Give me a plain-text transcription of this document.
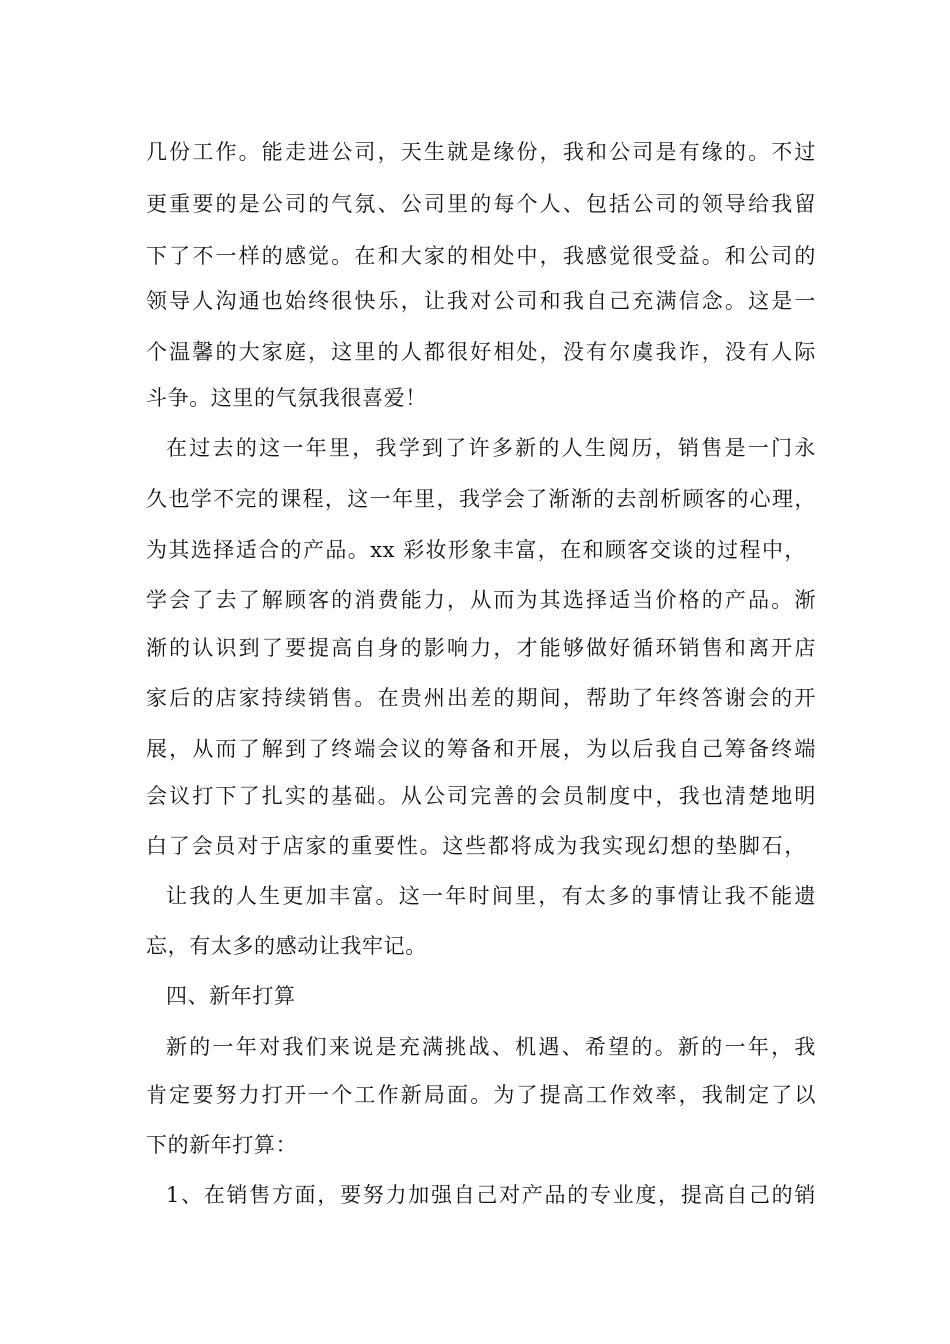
几份工作。能走进公司，天生就是缘份，我和公司是有缘的。不过
更重要的是公司的气氛、公司里的每个人、包括公司的领导给我留
下了不一样的感觉。在和大家的相处中，我感觉很受益。和公司的
领导人沟通也始终很快乐，让我对公司和我自己充满信念。这是一
个温馨的大家庭，这里的人都很好相处，没有尔虞我诈，没有人际
斗争。这里的气氛我很喜爱！
在过去的这一年里，我学到了许多新的人生阅历，销售是一门永
久也学不完的课程，这一年里，我学会了渐渐的去剖析顾客的心理，
为其选择适合的产品。xx 彩妆形象丰富，在和顾客交谈的过程中，
学会了去了解顾客的消费能力，从而为其选择适当价格的产品。渐
渐的认识到了要提高自身的影响力，才能够做好循环销售和离开店
家后的店家持续销售。在贵州出差的期间，帮助了年终答谢会的开
展，从而了解到了终端会议的筹备和开展，为以后我自己筹备终端
会议打下了扎实的基础。从公司完善的会员制度中，我也清楚地明
白了会员对于店家的重要性。这些都将成为我实现幻想的垫脚石，
让我的人生更加丰富。这一年时间里，有太多的事情让我不能遗
忘，有太多的感动让我牢记。
四、新年打算
新的一年对我们来说是充满挑战、机遇、希望的。新的一年，我
肯定要努力打开一个工作新局面。为了提高工作效率，我制定了以
下的新年打算：
1、在销售方面，要努力加强自己对产品的专业度，提高自己的销
